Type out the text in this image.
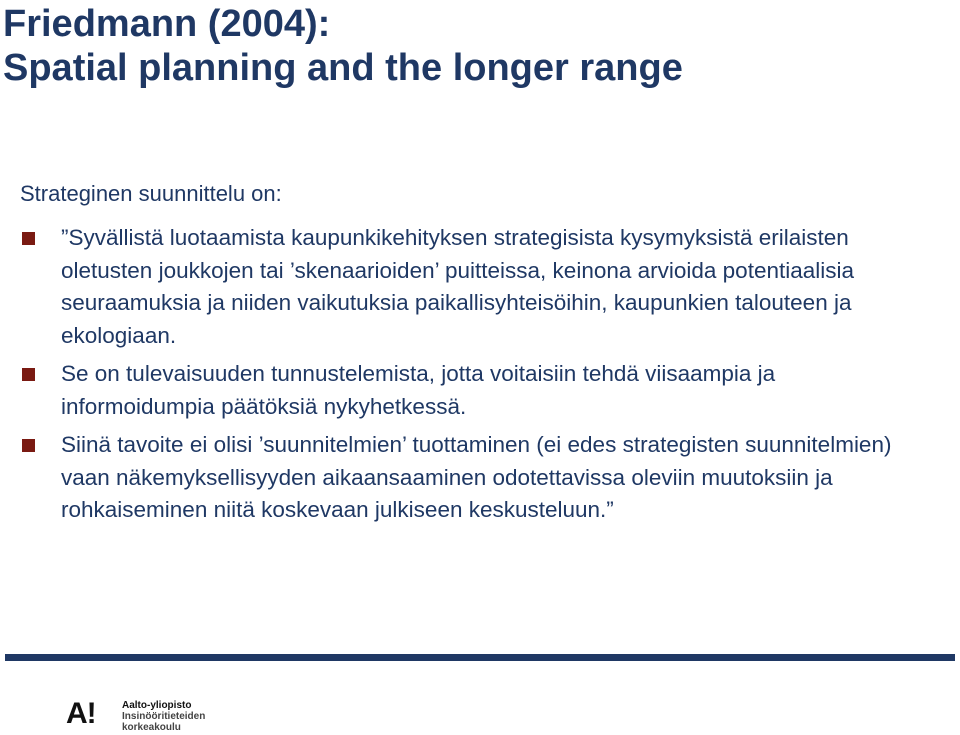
Friedmann (2004):
Spatial planning and the longer range
Strateginen suunnittelu on:
”Syvällistä luotaamista kaupunkikehityksen strategisista kysymyksistä erilaisten oletusten joukkojen tai ’skenaarioiden’ puitteissa, keinona arvioida potentiaalisia seuraamuksia ja niiden vaikutuksia paikallisyhteisöihin, kaupunkien talouteen ja ekologiaan.
Se on tulevaisuuden tunnustelemista, jotta voitaisiin tehdä viisaampia ja informoidumpia päätöksiä nykyhetkessä.
Siinä tavoite ei olisi ’suunnitelmien’ tuottaminen (ei edes strategisten suunnitelmien) vaan näkemyksellisyyden aikaansaaminen odotettavissa oleviin muutoksiin ja rohkaiseminen niitä koskevaan julkiseen keskusteluun.”
A!	Aalto-yliopisto
Insinööritieteiden
korkeakoulu
